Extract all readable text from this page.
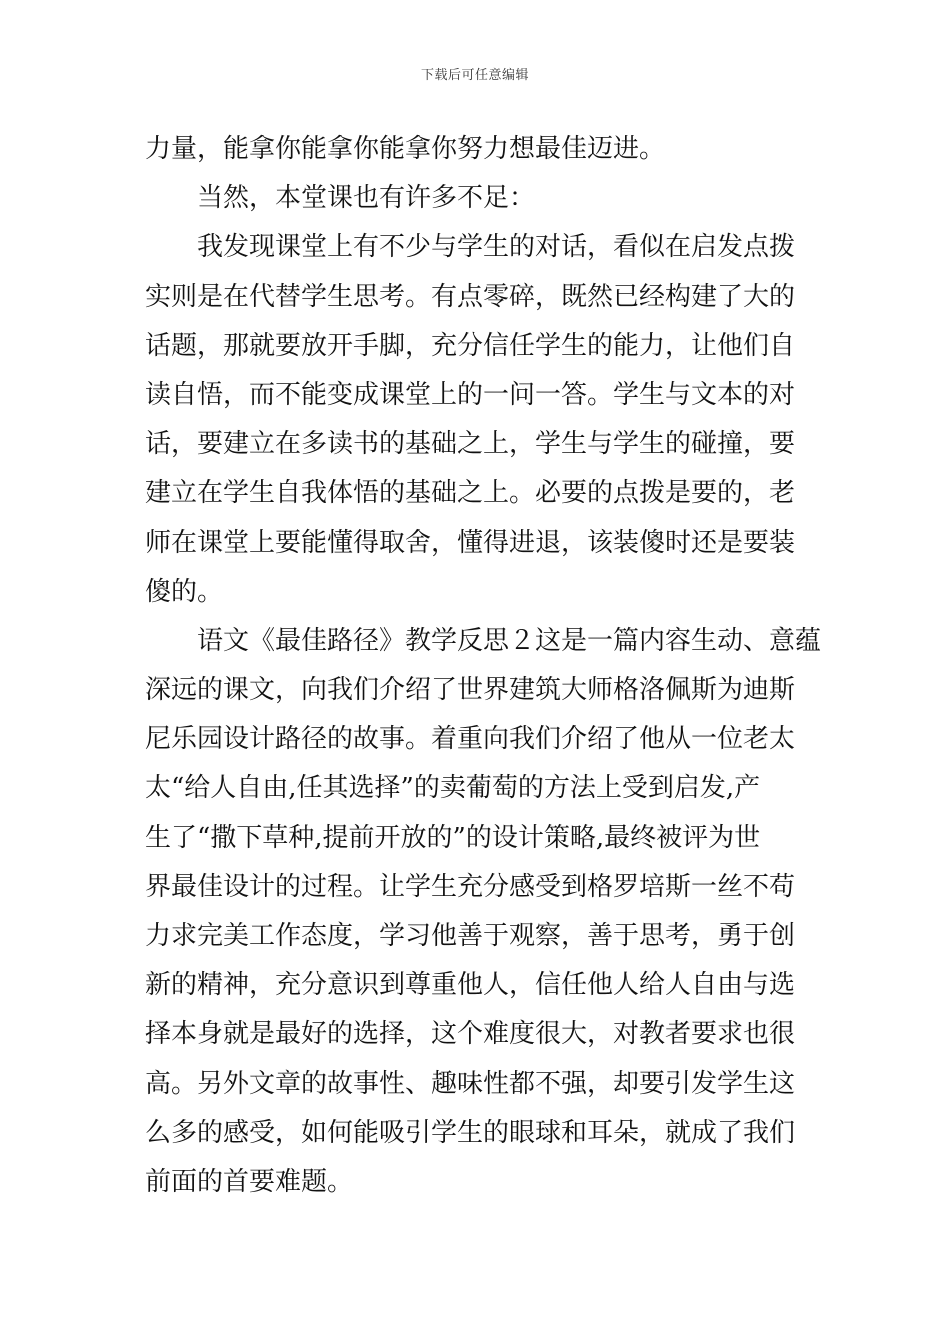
下载后可任意编辑
力量，能拿你能拿你能拿你努力想最佳迈进。
当然，本堂课也有许多不足：
我发现课堂上有不少与学生的对话，看似在启发点拨
实则是在代替学生思考。有点零碎，既然已经构建了大的
话题，那就要放开手脚，充分信任学生的能力，让他们自
读自悟，而不能变成课堂上的一问一答。学生与文本的对
话，要建立在多读书的基础之上，学生与学生的碰撞，要
建立在学生自我体悟的基础之上。必要的点拨是要的，老
师在课堂上要能懂得取舍，懂得进退，该装傻时还是要装
傻的。
语文《最佳路径》教学反思２这是一篇内容生动、意蕴
深远的课文，向我们介绍了世界建筑大师格洛佩斯为迪斯
尼乐园设计路径的故事。着重向我们介绍了他从一位老太
太“给人自由,任其选择”的卖葡萄的方法上受到启发,产
生了“撒下草种,提前开放的”的设计策略,最终被评为世
界最佳设计的过程。让学生充分感受到格罗培斯一丝不苟
力求完美工作态度，学习他善于观察，善于思考，勇于创
新的精神，充分意识到尊重他人，信任他人给人自由与选
择本身就是最好的选择，这个难度很大，对教者要求也很
高。另外文章的故事性、趣味性都不强，却要引发学生这
么多的感受，如何能吸引学生的眼球和耳朵，就成了我们
前面的首要难题。
